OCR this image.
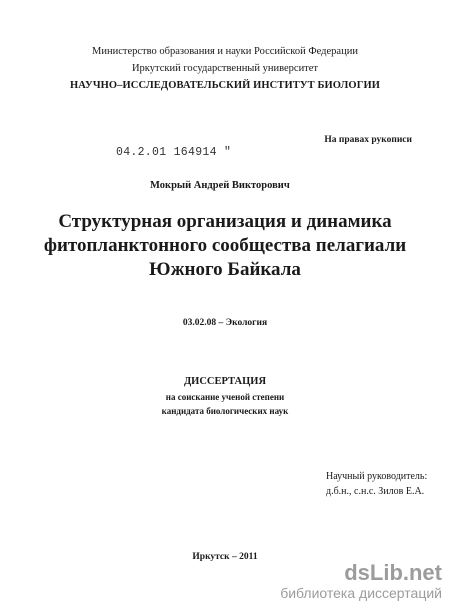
Министерство образования и науки Российской Федерации
Иркутский государственный университет
НАУЧНО–ИССЛЕДОВАТЕЛЬСКИЙ ИНСТИТУТ БИОЛОГИИ
На правах рукописи
04.2.01 164914 "
Мокрый Андрей Викторович
Структурная организация и динамика
фитопланктонного сообщества пелагиали
Южного Байкала
03.02.08 – Экология
ДИССЕРТАЦИЯ
на соискание ученой степени
кандидата биологических наук
Научный руководитель:
д.б.н., с.н.с. Зилов Е.А.
Иркутск – 2011
dsLib.net
библиотека диссертаций
